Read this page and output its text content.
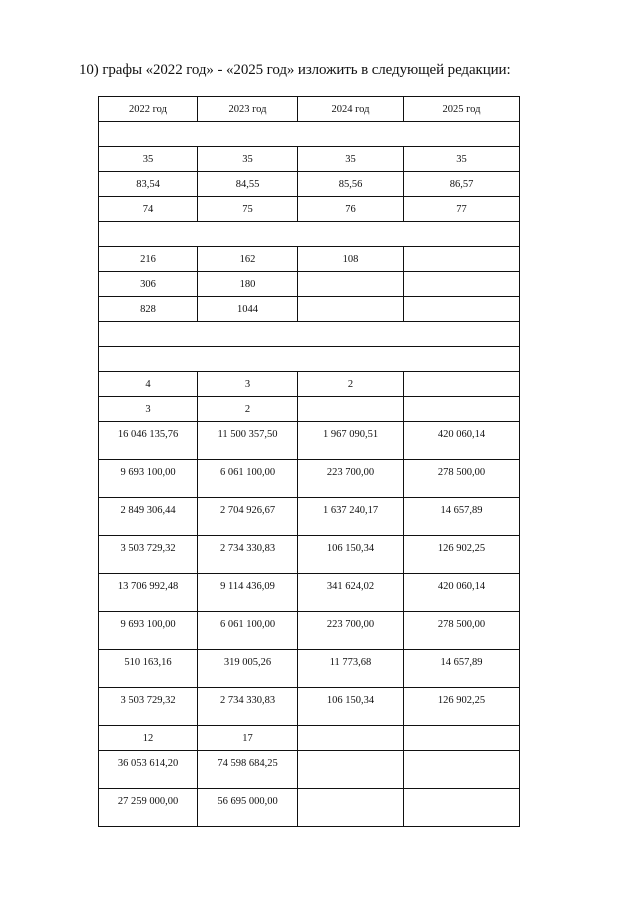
10) графы «2022 год» - «2025 год» изложить в следующей редакции:
2022 год	2023 год	2024 год	2025 год

35	35	35	35

83,54	84,55	85,56	86,57

74	75	76	77

216	162	108	

306	180		

828	1044		

4	3	2	

3	2		

16 046 135,76	11 500 357,50	1 967 090,51	420 060,14

9 693 100,00	6 061 100,00	223 700,00	278 500,00

2 849 306,44	2 704 926,67	1 637 240,17	14 657,89

3 503 729,32	2 734 330,83	106 150,34	126 902,25

13 706 992,48	9 114 436,09	341 624,02	420 060,14

9 693 100,00	6 061 100,00	223 700,00	278 500,00

510 163,16	319 005,26	11 773,68	14 657,89

3 503 729,32	2 734 330,83	106 150,34	126 902,25

12	17		

36 053 614,20	74 598 684,25		

27 259 000,00	56 695 000,00		
